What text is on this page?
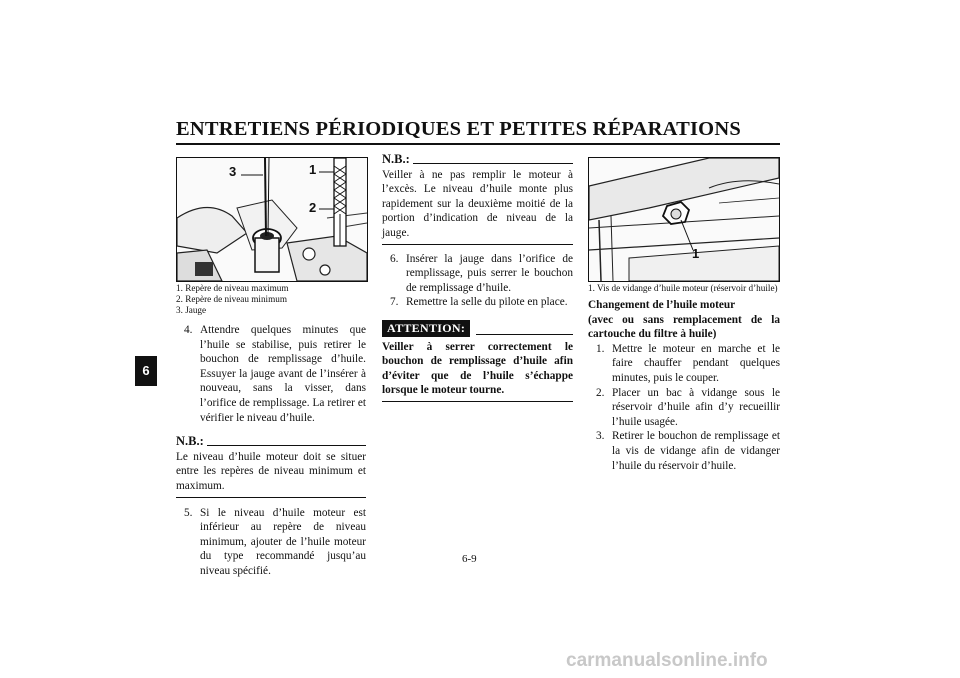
ENTRETIENS PÉRIODIQUES ET PETITES RÉPARATIONS
6
3	1
2
1. Repère de niveau maximum
2. Repère de niveau minimum
3. Jauge
4. Attendre quelques minutes que l’huile se stabilise, puis retirer le bouchon de remplissage d’huile. Essuyer la jauge avant de l’insérer à nouveau, sans la visser, dans l’orifice de remplissage. La retirer et vérifier le niveau d’huile.
N.B.:
Le niveau d’huile moteur doit se situer entre les repères de niveau minimum et maximum.
5. Si le niveau d’huile moteur est inférieur au repère de niveau minimum, ajouter de l’huile moteur du type recommandé jusqu’au niveau spécifié.
N.B.:
Veiller à ne pas remplir le moteur à l’excès. Le niveau d’huile monte plus rapidement sur la deuxième moitié de la portion d’indication de niveau de la jauge.
6. Insérer la jauge dans l’orifice de remplissage, puis serrer le bouchon de remplissage d’huile.
7. Remettre la selle du pilote en place.
ATTENTION:
Veiller à serrer correctement le bouchon de remplissage d’huile afin d’éviter que de l’huile s’échappe lorsque le moteur tourne.
1
1. Vis de vidange d’huile moteur (réservoir d’huile)
Changement de l’huile moteur
(avec ou sans remplacement de la cartouche du filtre à huile)
1. Mettre le moteur en marche et le faire chauffer pendant quelques minutes, puis le couper.
2. Placer un bac à vidange sous le réservoir d’huile afin d’y recueillir l’huile usagée.
3. Retirer le bouchon de remplissage et la vis de vidange afin de vidanger l’huile du réservoir d’huile.
6-9
carmanualsonline.info
